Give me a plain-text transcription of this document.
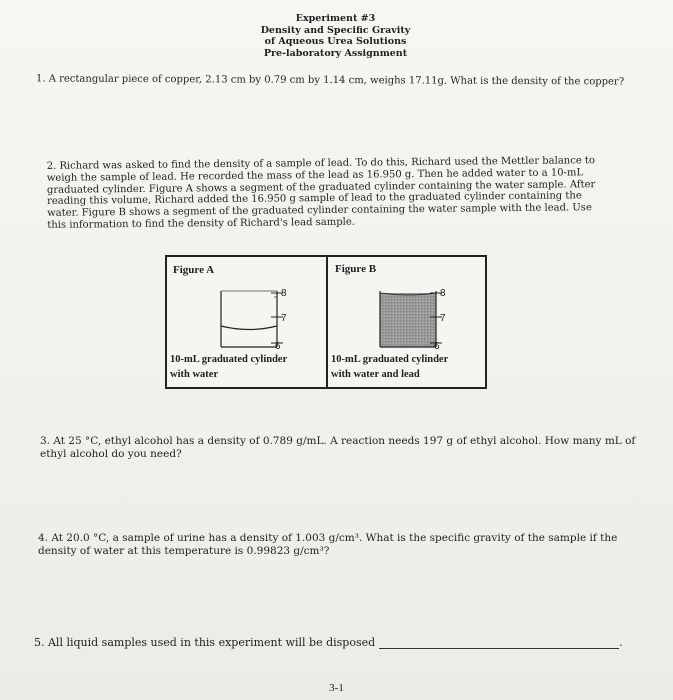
Experiment #3
Density and Specific Gravity
of Aqueous Urea Solutions
Pre-laboratory Assignment
1. A rectangular piece of copper, 2.13 cm by 0.79 cm by 1.14 cm, weighs 17.11g. What is the density of the copper?
2. Richard was asked to find the density of a sample of lead. To do this, Richard used the Mettler balance to weigh the sample of lead. He recorded the mass of the lead as 16.950 g. Then he added water to a 10-mL graduated cylinder. Figure A shows a segment of the graduated cylinder containing the water sample. After reading this volume, Richard added the 16.950 g sample of lead to the graduated cylinder containing the water. Figure B shows a segment of the graduated cylinder containing the water sample with the lead. Use this information to find the density of Richard's lead sample.
Figure A	Figure B
8
7
6
8
7
6
10-mL graduated cylinder
with water
10-mL graduated cylinder
with water and lead
3. At 25 °C, ethyl alcohol has a density of 0.789 g/mL. A reaction needs 197 g of ethyl alcohol. How many mL of ethyl alcohol do you need?
4. At 20.0 °C, a sample of urine has a density of 1.003 g/cm³. What is the specific gravity of the sample if the density of water at this temperature is 0.99823 g/cm³?
5. All liquid samples used in this experiment will be disposed	.
3-1
